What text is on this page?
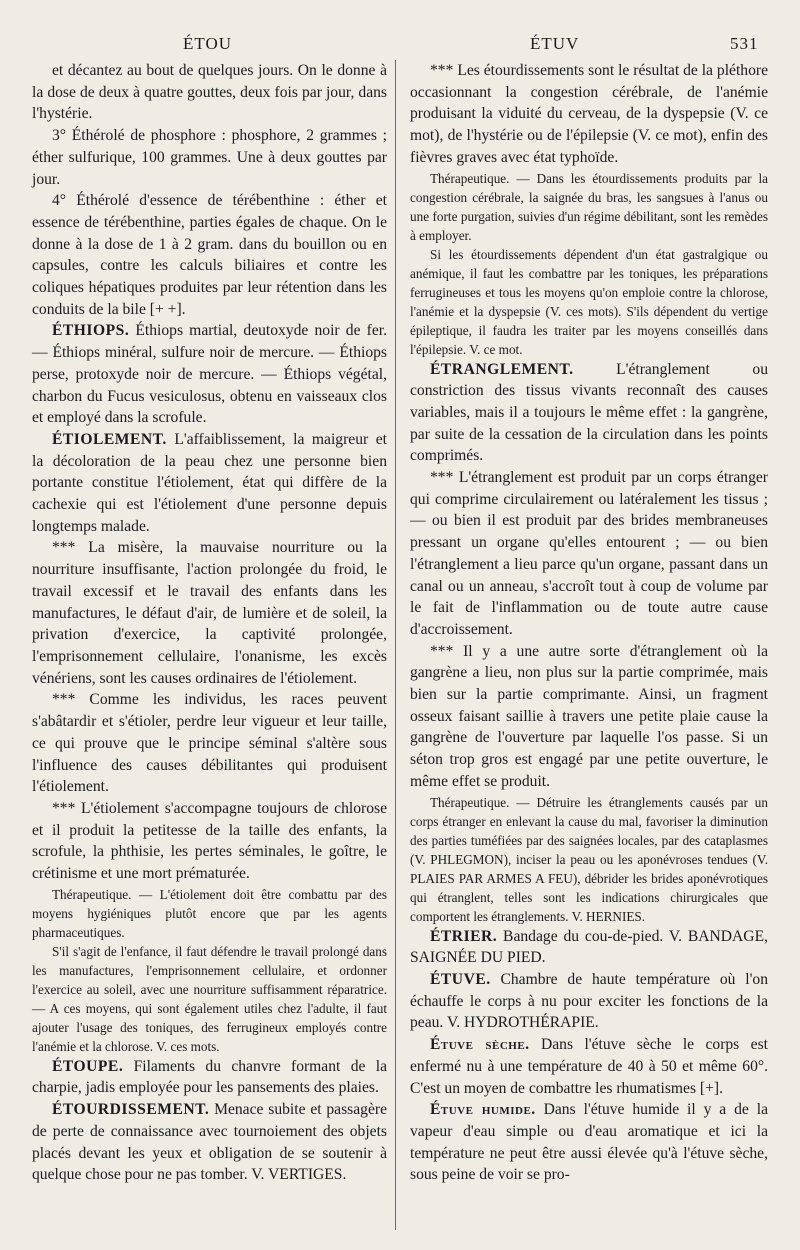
ÉTOU	ÉTUV	531

et décantez au bout de quelques jours. On le donne à la dose de deux à quatre gouttes, deux fois par jour, dans l'hystérie.

3° Éthérolé de phosphore : phosphore, 2 grammes ; éther sulfurique, 100 grammes. Une à deux gouttes par jour.

4° Éthérolé d'essence de térébenthine : éther et essence de térébenthine, parties égales de chaque. On le donne à la dose de 1 à 2 gram. dans du bouillon ou en capsules, contre les calculs biliaires et contre les coliques hépatiques produites par leur rétention dans les conduits de la bile [+ +].

ÉTHIOPS. Éthiops martial, deutoxyde noir de fer. — Éthiops minéral, sulfure noir de mercure. — Éthiops perse, protoxyde noir de mercure. — Éthiops végétal, charbon du Fucus vesiculosus, obtenu en vaisseaux clos et employé dans la scrofule.

ÉTIOLEMENT. L'affaiblissement, la maigreur et la décoloration de la peau chez une personne bien portante constitue l'étiolement, état qui diffère de la cachexie qui est l'étiolement d'une personne depuis longtemps malade.

*** La misère, la mauvaise nourriture ou la nourriture insuffisante, l'action prolongée du froid, le travail excessif et le travail des enfants dans les manufactures, le défaut d'air, de lumière et de soleil, la privation d'exercice, la captivité prolongée, l'emprisonnement cellulaire, l'onanisme, les excès vénériens, sont les causes ordinaires de l'étiolement.

*** Comme les individus, les races peuvent s'abâtardir et s'étioler, perdre leur vigueur et leur taille, ce qui prouve que le principe séminal s'altère sous l'influence des causes débilitantes qui produisent l'étiolement.

*** L'étiolement s'accompagne toujours de chlorose et il produit la petitesse de la taille des enfants, la scrofule, la phthisie, les pertes séminales, le goître, le crétinisme et une mort prématurée.

Thérapeutique. — L'étiolement doit être combattu par des moyens hygiéniques plutôt encore que par les agents pharmaceutiques.

S'il s'agit de l'enfance, il faut défendre le travail prolongé dans les manufactures, l'emprisonnement cellulaire, et ordonner l'exercice au soleil, avec une nourriture suffisamment réparatrice. — A ces moyens, qui sont également utiles chez l'adulte, il faut ajouter l'usage des toniques, des ferrugineux employés contre l'anémie et la chlorose. V. ces mots.

ÉTOUPE. Filaments du chanvre formant de la charpie, jadis employée pour les pansements des plaies.

ÉTOURDISSEMENT. Menace subite et passagère de perte de connaissance avec tournoiement des objets placés devant les yeux et obligation de se soutenir à quelque chose pour ne pas tomber. V. VERTIGES.

*** Les étourdissements sont le résultat de la pléthore occasionnant la congestion cérébrale, de l'anémie produisant la viduité du cerveau, de la dyspepsie (V. ce mot), de l'hystérie ou de l'épilepsie (V. ce mot), enfin des fièvres graves avec état typhoïde.

Thérapeutique. — Dans les étourdissements produits par la congestion cérébrale, la saignée du bras, les sangsues à l'anus ou une forte purgation, suivies d'un régime débilitant, sont les remèdes à employer.

Si les étourdissements dépendent d'un état gastralgique ou anémique, il faut les combattre par les toniques, les préparations ferrugineuses et tous les moyens qu'on emploie contre la chlorose, l'anémie et la dyspepsie (V. ces mots). S'ils dépendent du vertige épileptique, il faudra les traiter par les moyens conseillés dans l'épilepsie. V. ce mot.

ÉTRANGLEMENT. L'étranglement ou constriction des tissus vivants reconnaît des causes variables, mais il a toujours le même effet : la gangrène, par suite de la cessation de la circulation dans les points comprimés.

*** L'étranglement est produit par un corps étranger qui comprime circulairement ou latéralement les tissus ; — ou bien il est produit par des brides membraneuses pressant un organe qu'elles entourent ; — ou bien l'étranglement a lieu parce qu'un organe, passant dans un canal ou un anneau, s'accroît tout à coup de volume par le fait de l'inflammation ou de toute autre cause d'accroissement.

*** Il y a une autre sorte d'étranglement où la gangrène a lieu, non plus sur la partie comprimée, mais bien sur la partie comprimante. Ainsi, un fragment osseux faisant saillie à travers une petite plaie cause la gangrène de l'ouverture par laquelle l'os passe. Si un séton trop gros est engagé par une petite ouverture, le même effet se produit.

Thérapeutique. — Détruire les étranglements causés par un corps étranger en enlevant la cause du mal, favoriser la diminution des parties tuméfiées par des saignées locales, par des cataplasmes (V. PHLEGMON), inciser la peau ou les aponévroses tendues (V. PLAIES PAR ARMES A FEU), débrider les brides aponévrotiques qui étranglent, telles sont les indications chirurgicales que comportent les étranglements. V. HERNIES.

ÉTRIER. Bandage du cou-de-pied. V. BANDAGE, SAIGNÉE DU PIED.

ÉTUVE. Chambre de haute température où l'on échauffe le corps à nu pour exciter les fonctions de la peau. V. HYDROTHÉRAPIE.

Étuve sèche. Dans l'étuve sèche le corps est enfermé nu à une température de 40 à 50 et même 60°. C'est un moyen de combattre les rhumatismes [+].

Étuve humide. Dans l'étuve humide il y a de la vapeur d'eau simple ou d'eau aromatique et ici la température ne peut être aussi élevée qu'à l'étuve sèche, sous peine de voir se pro-
